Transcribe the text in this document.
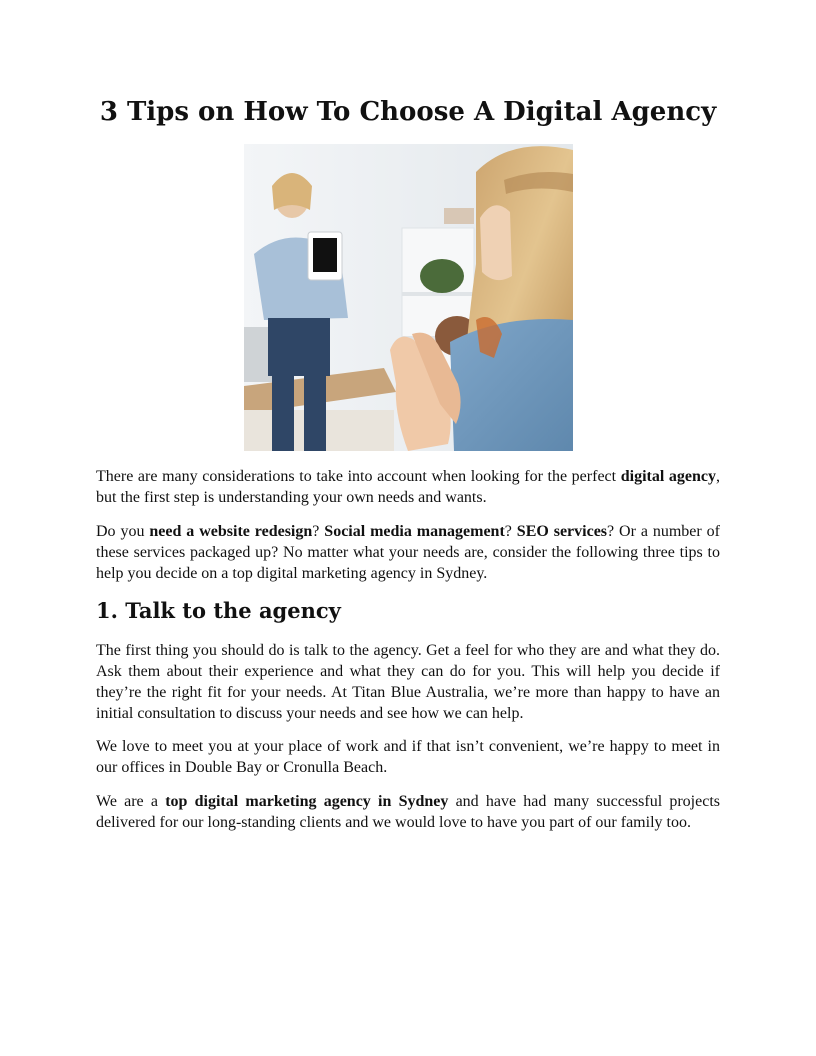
3 Tips on How To Choose A Digital Agency

There are many considerations to take into account when looking for the perfect digital agency, but the first step is understanding your own needs and wants.

Do you need a website redesign? Social media management? SEO services? Or a number of these services packaged up? No matter what your needs are, consider the following three tips to help you decide on a top digital marketing agency in Sydney.

1. Talk to the agency

The first thing you should do is talk to the agency. Get a feel for who they are and what they do. Ask them about their experience and what they can do for you. This will help you decide if they’re the right fit for your needs. At Titan Blue Australia, we’re more than happy to have an initial consultation to discuss your needs and see how we can help.

We love to meet you at your place of work and if that isn’t convenient, we’re happy to meet in our offices in Double Bay or Cronulla Beach.

We are a top digital marketing agency in Sydney and have had many successful projects delivered for our long-standing clients and we would love to have you part of our family too.
